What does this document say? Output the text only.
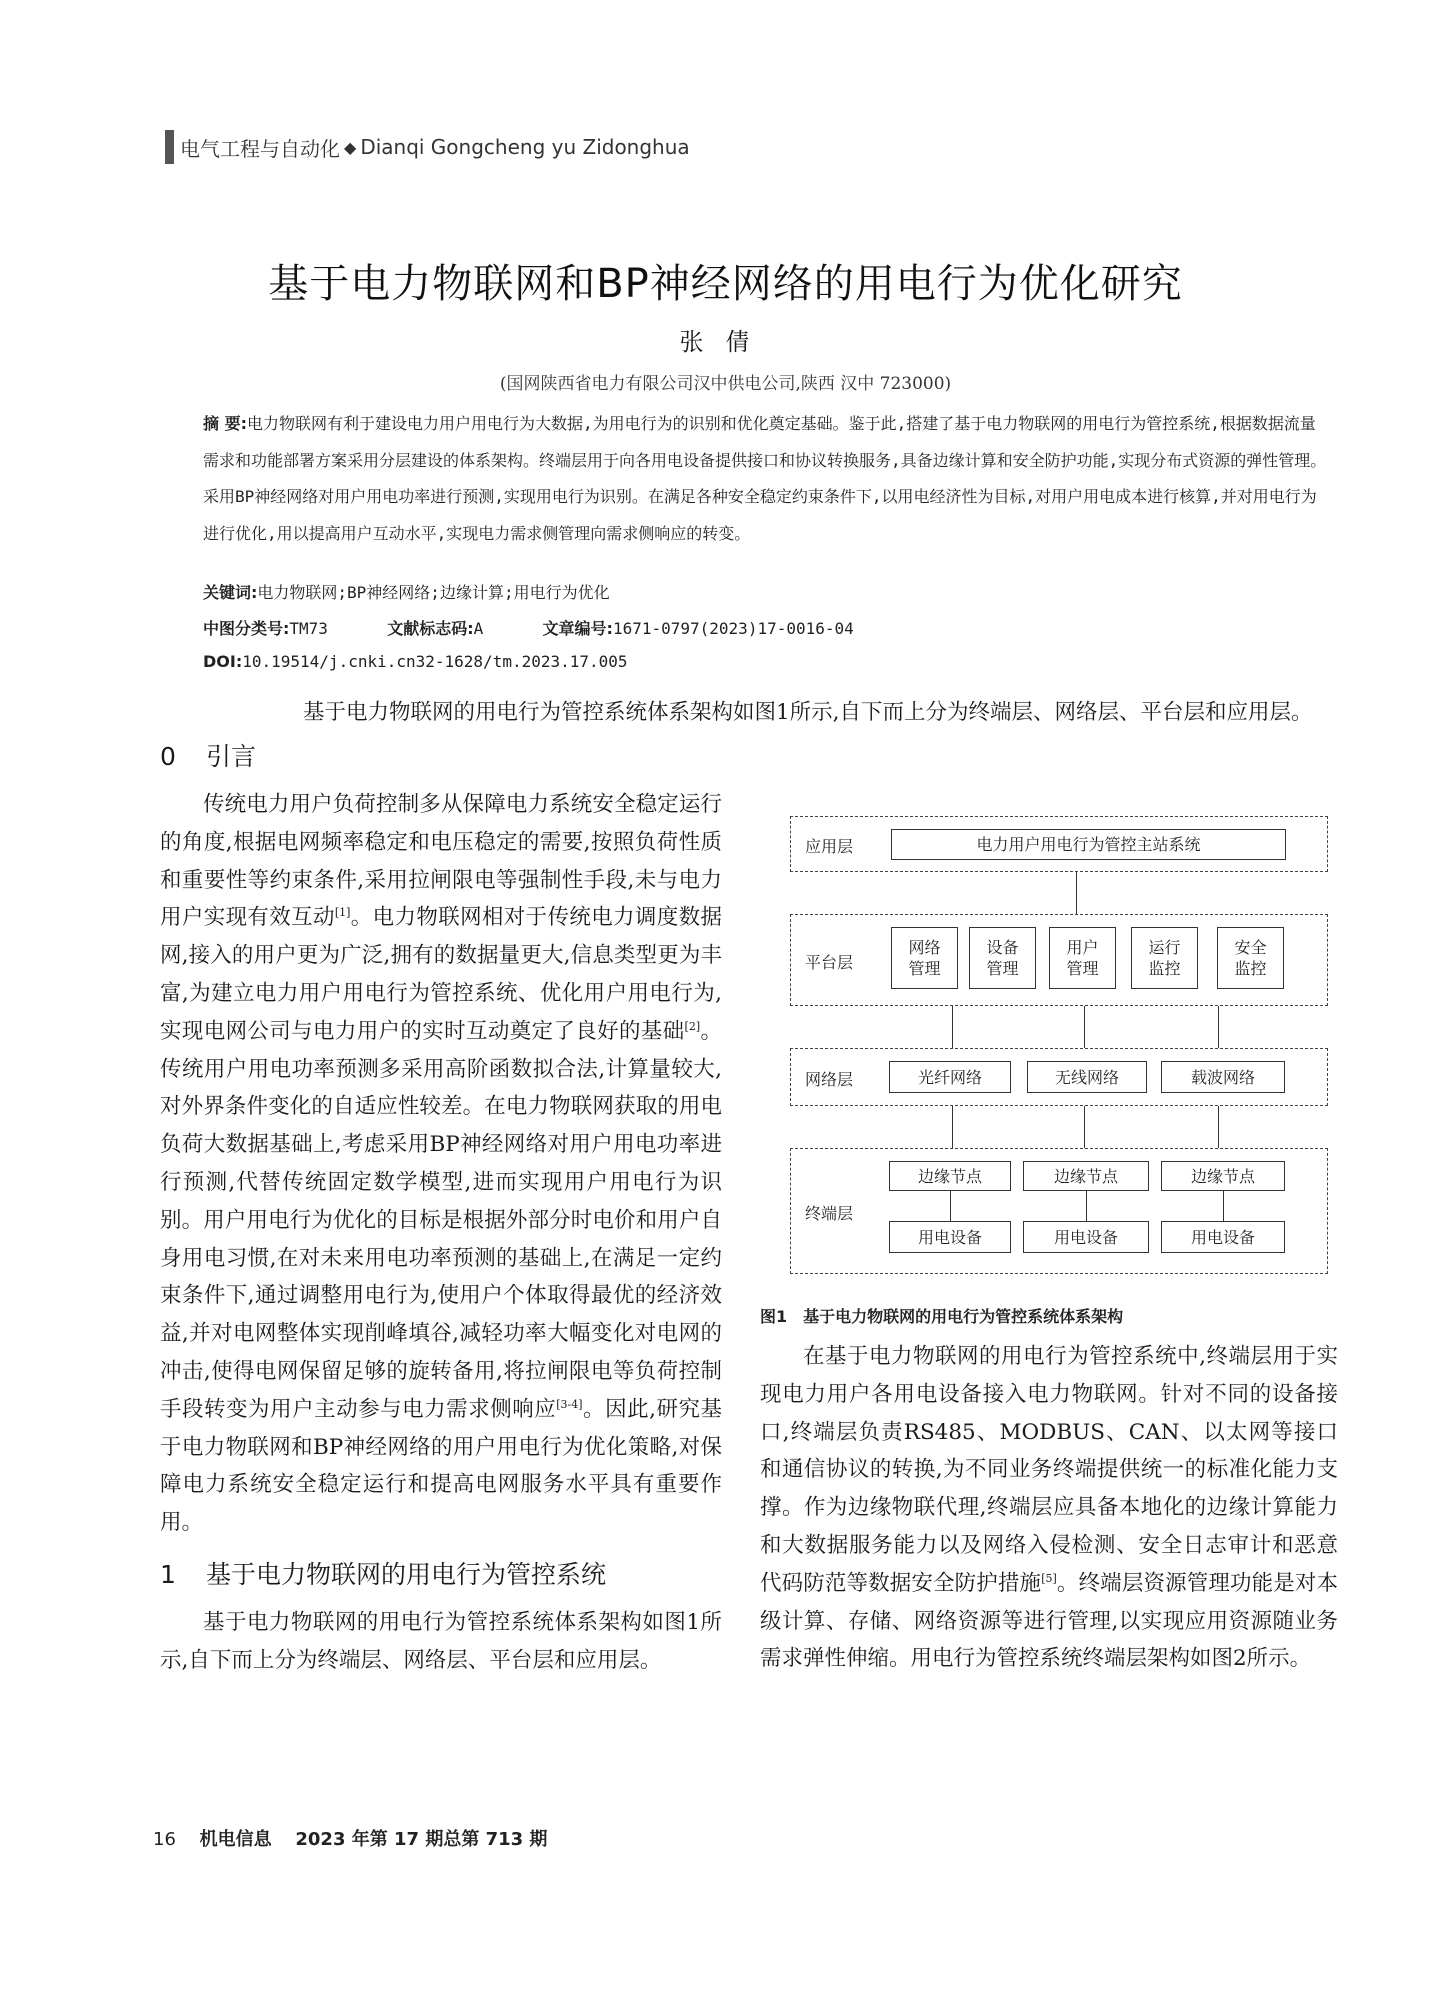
电气工程与自动化 ◆ Dianqi Gongcheng yu Zidonghua
基于电力物联网和BP神经网络的用电行为优化研究
张倩
(国网陕西省电力有限公司汉中供电公司,陕西 汉中 723000)
摘 要:电力物联网有利于建设电力用户用电行为大数据,为用电行为的识别和优化奠定基础。鉴于此,搭建了基于电力物联网的用电行为管控系统,根据数据流量需求和功能部署方案采用分层建设的体系架构。终端层用于向各用电设备提供接口和协议转换服务,具备边缘计算和安全防护功能,实现分布式资源的弹性管理。采用BP神经网络对用户用电功率进行预测,实现用电行为识别。在满足各种安全稳定约束条件下,以用电经济性为目标,对用户用电成本进行核算,并对用电行为进行优化,用以提高用户互动水平,实现电力需求侧管理向需求侧响应的转变。
关键词:电力物联网;BP神经网络;边缘计算;用电行为优化
中图分类号:TM73	文献标志码:A	文章编号:1671-0797(2023)17-0016-04
DOI:10.19514/j.cnki.cn32-1628/tm.2023.17.005
0 引言

传统电力用户负荷控制多从保障电力系统安全稳定运行的角度,根据电网频率稳定和电压稳定的需要,按照负荷性质和重要性等约束条件,采用拉闸限电等强制性手段,未与电力用户实现有效互动[1]。电力物联网相对于传统电力调度数据网,接入的用户更为广泛,拥有的数据量更大,信息类型更为丰富,为建立电力用户用电行为管控系统、优化用户用电行为,实现电网公司与电力用户的实时互动奠定了良好的基础[2]。传统用户用电功率预测多采用高阶函数拟合法,计算量较大,对外界条件变化的自适应性较差。在电力物联网获取的用电负荷大数据基础上,考虑采用BP神经网络对用户用电功率进行预测,代替传统固定数学模型,进而实现用户用电行为识别。用户用电行为优化的目标是根据外部分时电价和用户自身用电习惯,在对未来用电功率预测的基础上,在满足一定约束条件下,通过调整用电行为,使用户个体取得最优的经济效益,并对电网整体实现削峰填谷,减轻功率大幅变化对电网的冲击,使得电网保留足够的旋转备用,将拉闸限电等负荷控制手段转变为用户主动参与电力需求侧响应[3-4]。因此,研究基于电力物联网和BP神经网络的用户用电行为优化策略,对保障电力系统安全稳定运行和提高电网服务水平具有重要作用。

1 基于电力物联网的用电行为管控系统

基于电力物联网的用电行为管控系统体系架构如图1所示,自下而上分为终端层、网络层、平台层和应用层。

基于电力物联网的用电行为管控系统体系架构如图1所示,自下而上分为终端层、网络层、平台层和应用层。

应用层	电力用户用电行为管控主站系统
平台层
网络
管理
设备
管理
用户
管理
运行
监控
安全
监控
网络层	光纤网络	无线网络	载波网络
终端层
边缘节点	边缘节点	边缘节点
用电设备	用电设备	用电设备
图1　基于电力物联网的用电行为管控系统体系架构

在基于电力物联网的用电行为管控系统中,终端层用于实现电力用户各用电设备接入电力物联网。针对不同的设备接口,终端层负责RS485、MODBUS、CAN、以太网等接口和通信协议的转换,为不同业务终端提供统一的标准化能力支撑。作为边缘物联代理,终端层应具备本地化的边缘计算能力和大数据服务能力以及网络入侵检测、安全日志审计和恶意代码防范等数据安全防护措施[5]。终端层资源管理功能是对本级计算、存储、网络资源等进行管理,以实现应用资源随业务需求弹性伸缩。用电行为管控系统终端层架构如图2所示。

16 机电信息 2023 年第 17 期总第 713 期
